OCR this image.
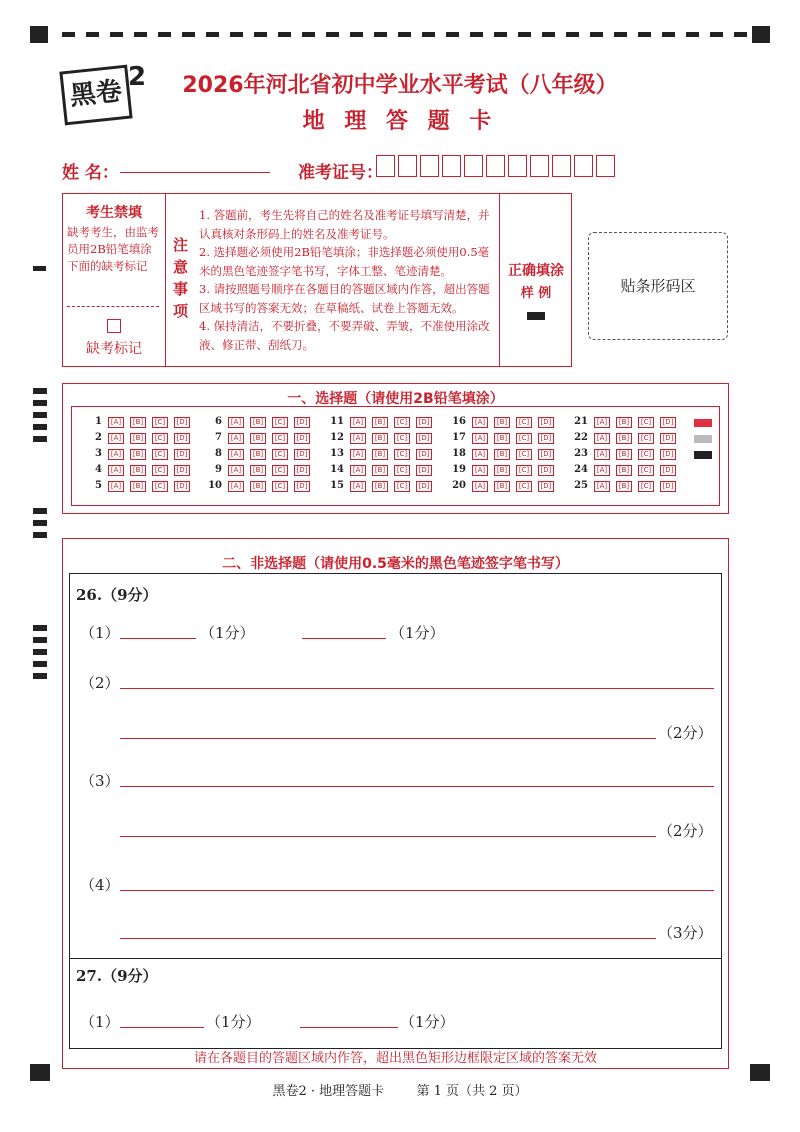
黑卷 2	2026年河北省初中学业水平考试（八年级）
地 理 答 题 卡
姓 名：	准考证号：
考生禁填
缺考考生，由监考员用2B铅笔填涂下面的缺考标记
缺考标记
注意事项
1. 答题前，考生先将自己的姓名及准考证号填写清楚，并认真核对条形码上的姓名及准考证号。
2. 选择题必须使用2B铅笔填涂；非选择题必须使用0.5毫米的黑色笔迹签字笔书写，字体工整、笔迹清楚。
3. 请按照题号顺序在各题目的答题区域内作答，超出答题区域书写的答案无效；在草稿纸、试卷上答题无效。
4. 保持清洁，不要折叠，不要弄破、弄皱，不准使用涂改液、修正带、刮纸刀。
正确填涂
样 例	贴条形码区
一、选择题（请使用2B铅笔填涂）
1	[A]	[B]	[C]	[D]
2	[A]	[B]	[C]	[D]
3	[A]	[B]	[C]	[D]
4	[A]	[B]	[C]	[D]
5	[A]	[B]	[C]	[D]
6	[A]	[B]	[C]	[D]
7	[A]	[B]	[C]	[D]
8	[A]	[B]	[C]	[D]
9	[A]	[B]	[C]	[D]
10	[A]	[B]	[C]	[D]
11	[A]	[B]	[C]	[D]
12	[A]	[B]	[C]	[D]
13	[A]	[B]	[C]	[D]
14	[A]	[B]	[C]	[D]
15	[A]	[B]	[C]	[D]
16	[A]	[B]	[C]	[D]
17	[A]	[B]	[C]	[D]
18	[A]	[B]	[C]	[D]
19	[A]	[B]	[C]	[D]
20	[A]	[B]	[C]	[D]
21	[A]	[B]	[C]	[D]
22	[A]	[B]	[C]	[D]
23	[A]	[B]	[C]	[D]
24	[A]	[B]	[C]	[D]
25	[A]	[B]	[C]	[D]
二、非选择题（请使用0.5毫米的黑色笔迹签字笔书写）
26.（9分）
（1）	（1分）	（1分）
（2）
（2分）
（3）
（2分）
（4）
（3分）
27.（9分）
（1）	（1分）	（1分）
请在各题目的答题区域内作答，超出黑色矩形边框限定区域的答案无效
黑卷2 · 地理答题卡 第 1 页（共 2 页）
